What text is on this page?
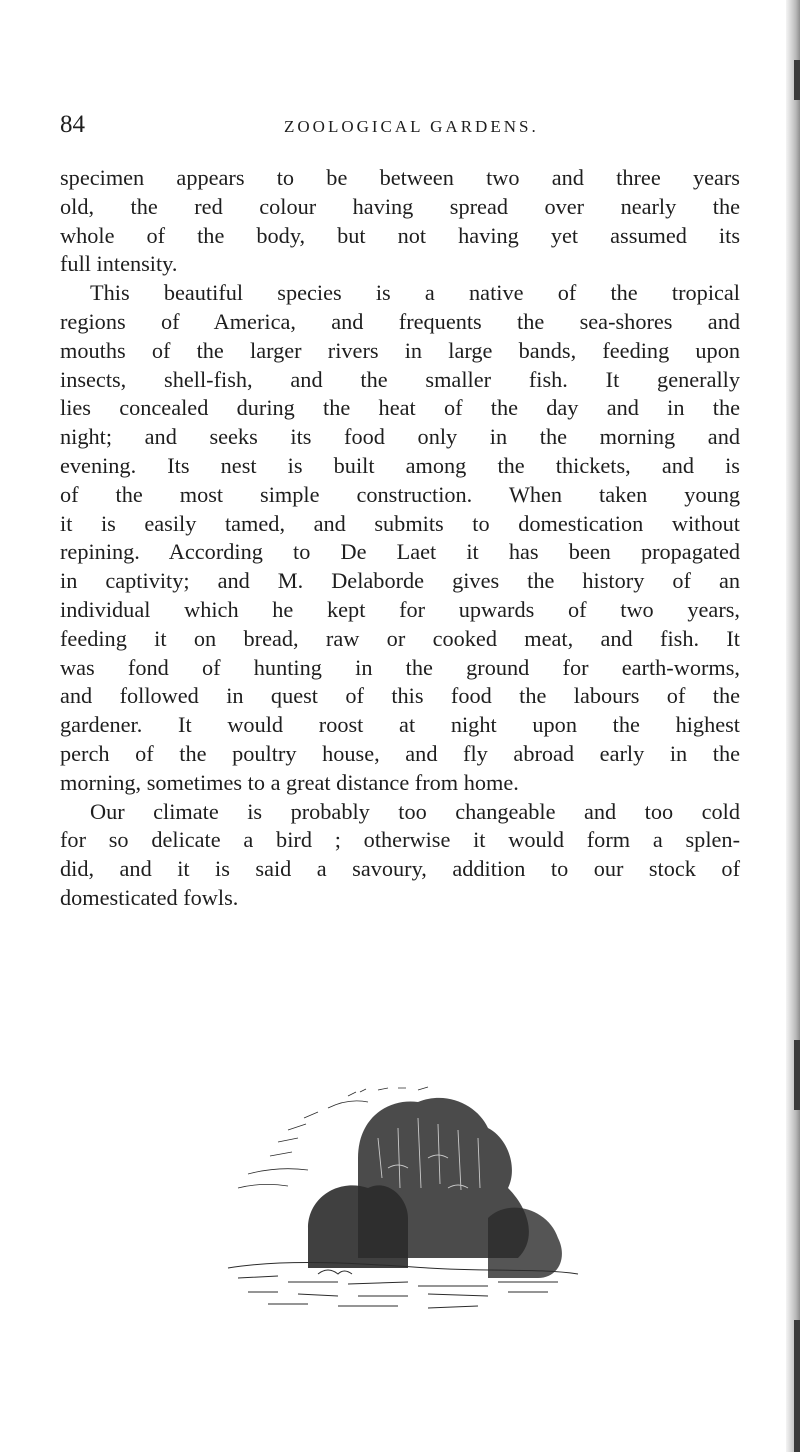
84	ZOOLOGICAL GARDENS.
specimen appears to be between two and three years
old, the red colour having spread over nearly the
whole of the body, but not having yet assumed its
full intensity.
This beautiful species is a native of the tropical
regions of America, and frequents the sea-shores and
mouths of the larger rivers in large bands, feeding upon
insects, shell-fish, and the smaller fish. It generally
lies concealed during the heat of the day and in the
night; and seeks its food only in the morning and
evening. Its nest is built among the thickets, and is
of the most simple construction. When taken young
it is easily tamed, and submits to domestication without
repining. According to De Laet it has been propagated
in captivity; and M. Delaborde gives the history of an
individual which he kept for upwards of two years,
feeding it on bread, raw or cooked meat, and fish. It
was fond of hunting in the ground for earth-worms,
and followed in quest of this food the labours of the
gardener. It would roost at night upon the highest
perch of the poultry house, and fly abroad early in the
morning, sometimes to a great distance from home.
Our climate is probably too changeable and too cold
for so delicate a bird ; otherwise it would form a splen-
did, and it is said a savoury, addition to our stock of
domesticated fowls.
